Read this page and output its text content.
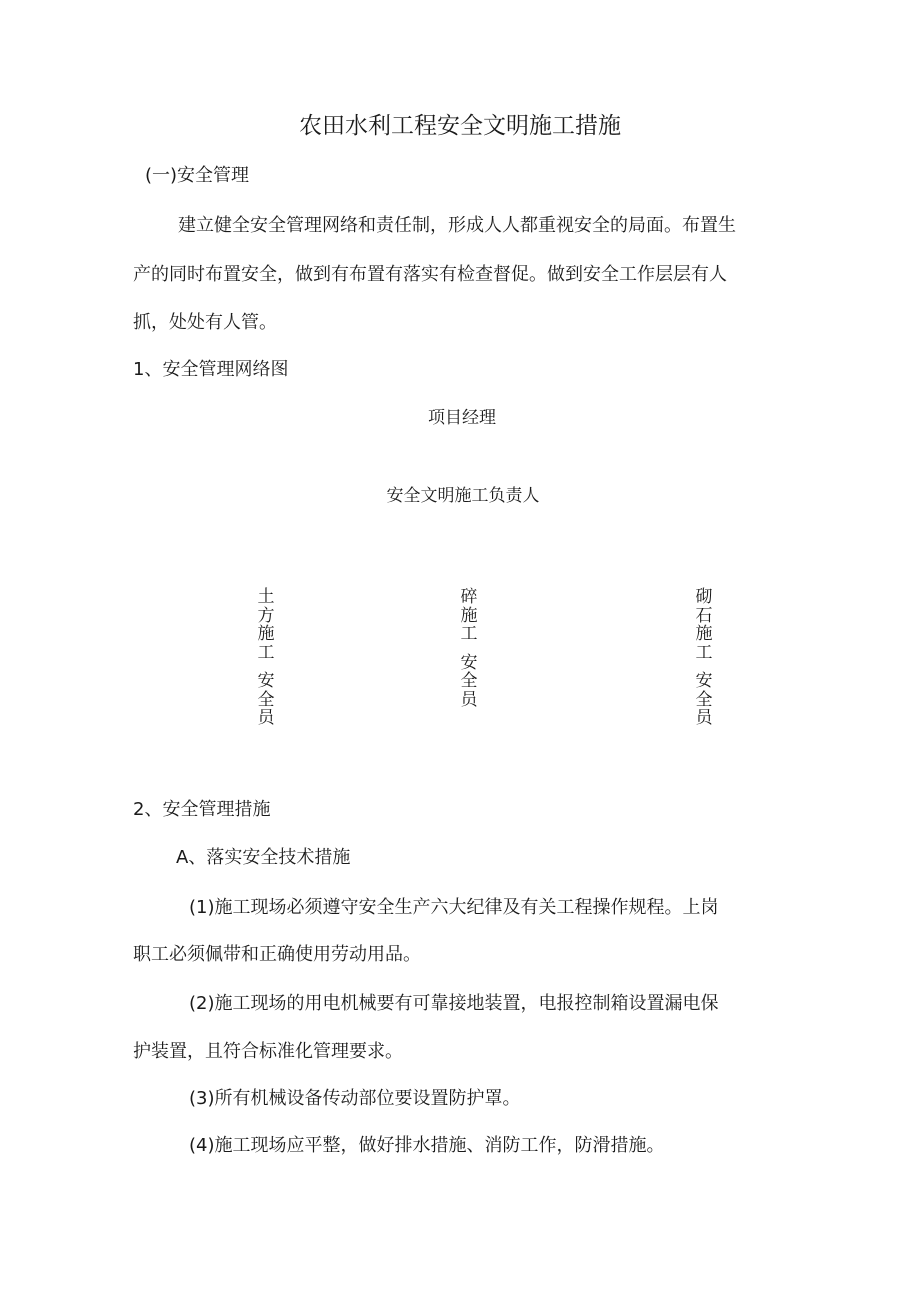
农田水利工程安全文明施工措施
(一)安全管理
建立健全安全管理网络和责任制，形成人人都重视安全的局面。布置生
产的同时布置安全，做到有布置有落实有检查督促。做到安全工作层层有人
抓，处处有人管。
1、安全管理网络图
项目经理
安全文明施工负责人
土方施工
安全员
碎施工
安全员
砌石施工
安全员
2、安全管理措施
A、落实安全技术措施
(1)施工现场必须遵守安全生产六大纪律及有关工程操作规程。上岗
职工必须佩带和正确使用劳动用品。
(2)施工现场的用电机械要有可靠接地装置，电报控制箱设置漏电保
护装置，且符合标准化管理要求。
(3)所有机械设备传动部位要设置防护罩。
(4)施工现场应平整，做好排水措施、消防工作，防滑措施。
